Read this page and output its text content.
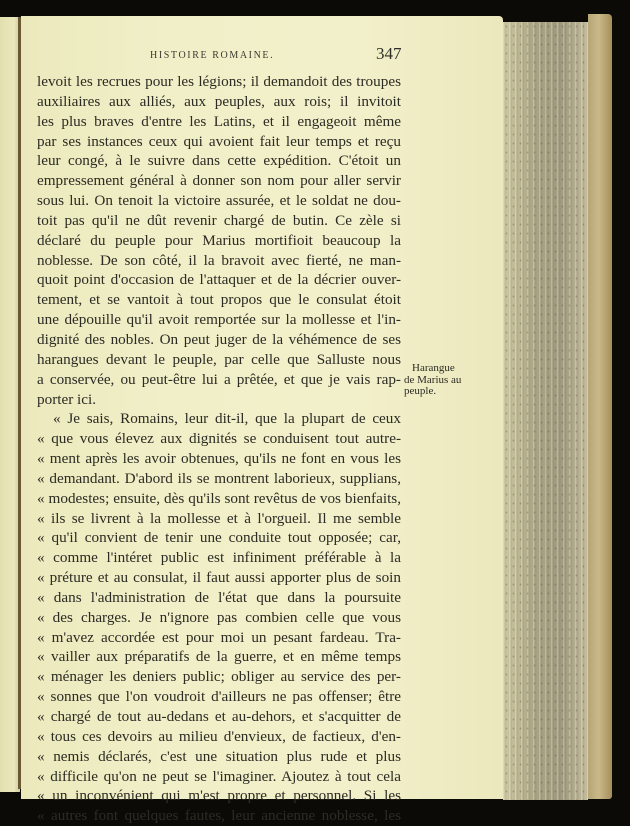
HISTOIRE ROMAINE.	347
levoit les recrues pour les légions; il demandoit des troupes
auxiliaires aux alliés, aux peuples, aux rois; il invitoit
les plus braves d'entre les Latins, et il engageoit même
par ses instances ceux qui avoient fait leur temps et reçu
leur congé, à le suivre dans cette expédition. C'étoit un
empressement général à donner son nom pour aller servir
sous lui. On tenoit la victoire assurée, et le soldat ne dou-
toit pas qu'il ne dût revenir chargé de butin. Ce zèle si
déclaré du peuple pour Marius mortifioit beaucoup la
noblesse. De son côté, il la bravoit avec fierté, ne man-
quoit point d'occasion de l'attaquer et de la décrier ouver-
tement, et se vantoit à tout propos que le consulat étoit
une dépouille qu'il avoit remportée sur la mollesse et l'in-
dignité des nobles. On peut juger de la véhémence de ses
harangues devant le peuple, par celle que Salluste nous
a conservée, ou peut-être lui a prêtée, et que je vais rap-
porter ici.
« Je sais, Romains, leur dit-il, que la plupart de ceux
« que vous élevez aux dignités se conduisent tout autre-
« ment après les avoir obtenues, qu'ils ne font en vous les
« demandant. D'abord ils se montrent laborieux, supplians,
« modestes; ensuite, dès qu'ils sont revêtus de vos bienfaits,
« ils se livrent à la mollesse et à l'orgueil. Il me semble
« qu'il convient de tenir une conduite tout opposée; car,
« comme l'intéret public est infiniment préférable à la
« préture et au consulat, il faut aussi apporter plus de soin
« dans l'administration de l'état que dans la poursuite
« des charges. Je n'ignore pas combien celle que vous
« m'avez accordée est pour moi un pesant fardeau. Tra-
« vailler aux préparatifs de la guerre, et en même temps
« ménager les deniers public; obliger au service des per-
« sonnes que l'on voudroit d'ailleurs ne pas offenser; être
« chargé de tout au-dedans et au-dehors, et s'acquitter de
« tous ces devoirs au milieu d'envieux, de factieux, d'en-
« nemis déclarés, c'est une situation plus rude et plus
« difficile qu'on ne peut se l'imaginer. Ajoutez à tout cela
« un inconvénient qui m'est propre et personnel. Si les
« autres font quelques fautes, leur ancienne noblesse, les
Harangue
de Marius au
peuple.
